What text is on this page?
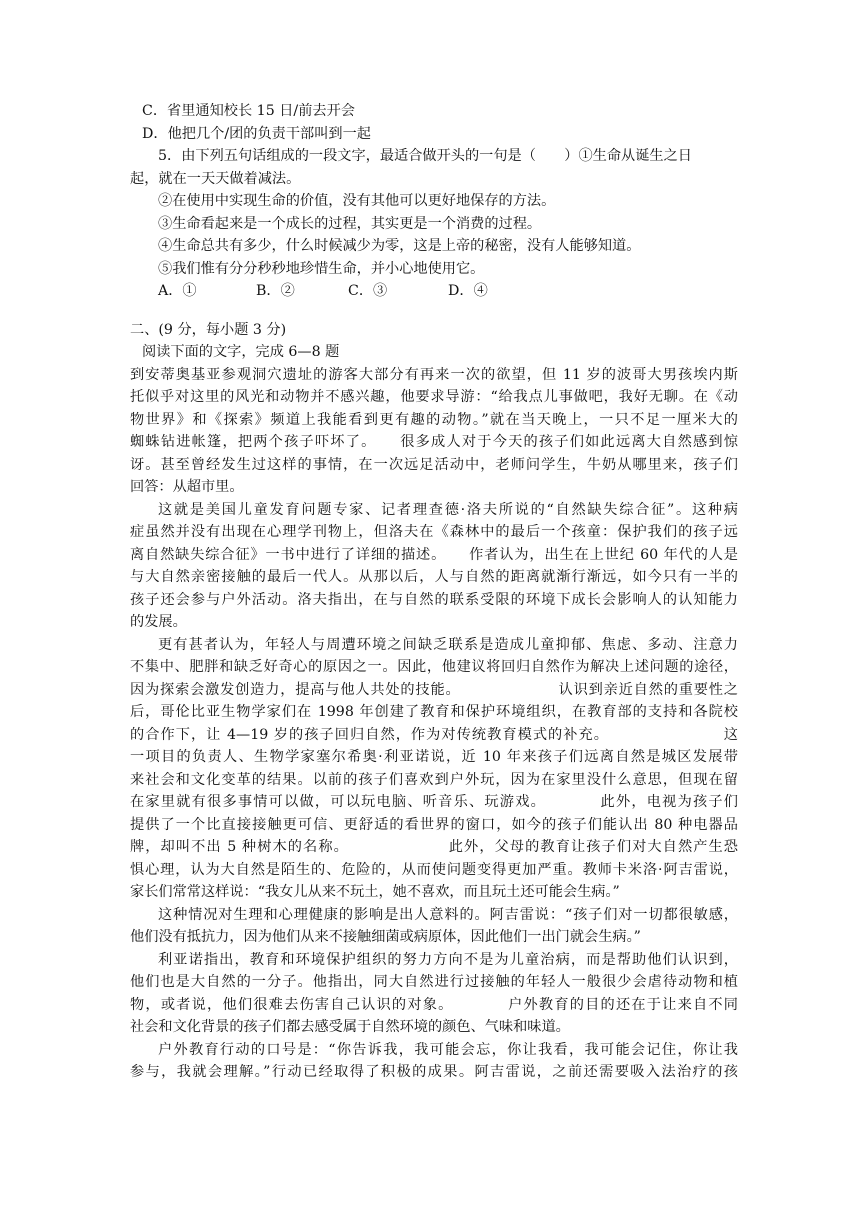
C．省里通知校长 15 日/前去开会
D．他把几个/团的负责干部叫到一起
5．由下列五句话组成的一段文字，最适合做开头的一句是（　　）①生命从诞生之日
起，就在一天天做着减法。
②在使用中实现生命的价值，没有其他可以更好地保存的方法。
③生命看起来是一个成长的过程，其实更是一个消费的过程。
④生命总共有多少，什么时候减少为零，这是上帝的秘密，没有人能够知道。
⑤我们惟有分分秒秒地珍惜生命，并小心地使用它。
A．①	B．②	C．③	D．④
二、(9 分，每小题 3 分)
阅读下面的文字，完成 6—8 题
到安蒂奥基亚参观洞穴遗址的游客大部分有再来一次的欲望，但 11 岁的波哥大男孩埃内斯
托似乎对这里的风光和动物并不感兴趣，他要求导游：“给我点儿事做吧，我好无聊。在《动
物世界》和《探索》频道上我能看到更有趣的动物。”就在当天晚上，一只不足一厘米大的
蜘蛛钻进帐篷，把两个孩子吓坏了。　　很多成人对于今天的孩子们如此远离大自然感到惊
讶。甚至曾经发生过这样的事情，在一次远足活动中，老师问学生，牛奶从哪里来，孩子们
回答：从超市里。
这就是美国儿童发育问题专家、记者理查德·洛夫所说的“自然缺失综合征”。这种病
症虽然并没有出现在心理学刊物上，但洛夫在《森林中的最后一个孩童：保护我们的孩子远
离自然缺失综合征》一书中进行了详细的描述。　　作者认为，出生在上世纪 60 年代的人是
与大自然亲密接触的最后一代人。从那以后，人与自然的距离就渐行渐远，如今只有一半的
孩子还会参与户外活动。洛夫指出，在与自然的联系受限的环境下成长会影响人的认知能力
的发展。
更有甚者认为，年轻人与周遭环境之间缺乏联系是造成儿童抑郁、焦虑、多动、注意力
不集中、肥胖和缺乏好奇心的原因之一。因此，他建议将回归自然作为解决上述问题的途径，
因为探索会激发创造力，提高与他人共处的技能。　　　　　　　认识到亲近自然的重要性之
后，哥伦比亚生物学家们在 1998 年创建了教育和保护环境组织，在教育部的支持和各院校
的合作下，让 4—19 岁的孩子回归自然，作为对传统教育模式的补充。　　　　　　　　这
一项目的负责人、生物学家塞尔希奥·利亚诺说，近 10 年来孩子们远离自然是城区发展带
来社会和文化变革的结果。以前的孩子们喜欢到户外玩，因为在家里没什么意思，但现在留
在家里就有很多事情可以做，可以玩电脑、听音乐、玩游戏。　　　　此外，电视为孩子们
提供了一个比直接接触更可信、更舒适的看世界的窗口，如今的孩子们能认出 80 种电器品
牌，却叫不出 5 种树木的名称。　　　　　　　此外，父母的教育让孩子们对大自然产生恐
惧心理，认为大自然是陌生的、危险的，从而使问题变得更加严重。教师卡米洛·阿吉雷说，
家长们常常这样说：“我女儿从来不玩土，她不喜欢，而且玩土还可能会生病。”
这种情况对生理和心理健康的影响是出人意料的。阿吉雷说：“孩子们对一切都很敏感，
他们没有抵抗力，因为他们从来不接触细菌或病原体，因此他们一出门就会生病。”
利亚诺指出，教育和环境保护组织的努力方向不是为儿童治病，而是帮助他们认识到，
他们也是大自然的一分子。他指出，同大自然进行过接触的年轻人一般很少会虐待动物和植
物，或者说，他们很难去伤害自己认识的对象。　　　　户外教育的目的还在于让来自不同
社会和文化背景的孩子们都去感受属于自然环境的颜色、气味和味道。
户外教育行动的口号是：“你告诉我，我可能会忘，你让我看，我可能会记住，你让我
参与，我就会理解。”行动已经取得了积极的成果。阿吉雷说，之前还需要吸入法治疗的孩
